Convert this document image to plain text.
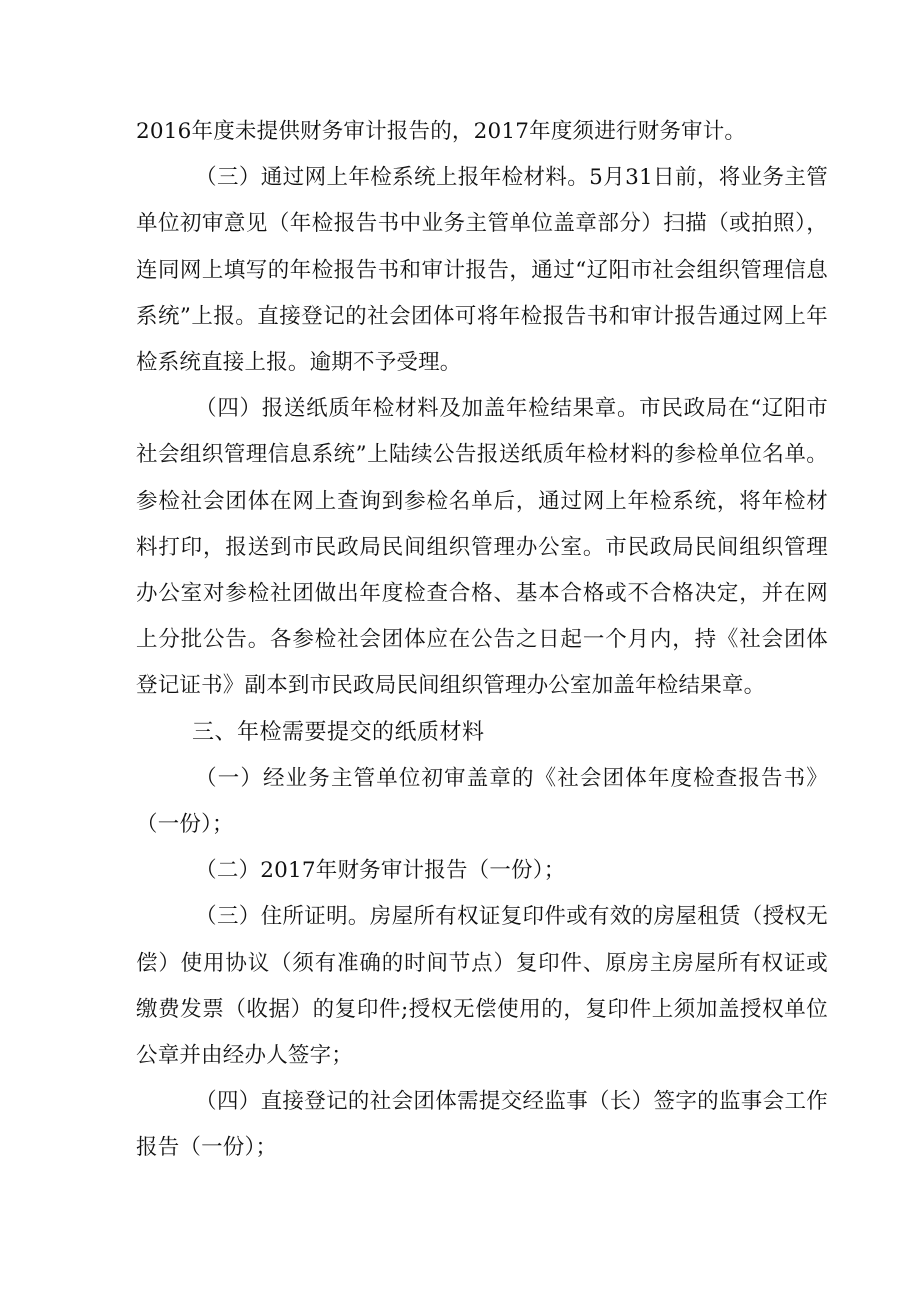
2016年度未提供财务审计报告的，2017年度须进行财务审计。

（三）通过网上年检系统上报年检材料。5月31日前，将业务主管单位初审意见（年检报告书中业务主管单位盖章部分）扫描（或拍照），连同网上填写的年检报告书和审计报告，通过“辽阳市社会组织管理信息系统”上报。直接登记的社会团体可将年检报告书和审计报告通过网上年检系统直接上报。逾期不予受理。

（四）报送纸质年检材料及加盖年检结果章。市民政局在“辽阳市社会组织管理信息系统”上陆续公告报送纸质年检材料的参检单位名单。参检社会团体在网上查询到参检名单后，通过网上年检系统，将年检材料打印，报送到市民政局民间组织管理办公室。市民政局民间组织管理办公室对参检社团做出年度检查合格、基本合格或不合格决定，并在网上分批公告。各参检社会团体应在公告之日起一个月内，持《社会团体登记证书》副本到市民政局民间组织管理办公室加盖年检结果章。

三、年检需要提交的纸质材料

（一）经业务主管单位初审盖章的《社会团体年度检查报告书》（一份）；

（二）2017年财务审计报告（一份）；

（三）住所证明。房屋所有权证复印件或有效的房屋租赁（授权无偿）使用协议（须有准确的时间节点）复印件、原房主房屋所有权证或缴费发票（收据）的复印件;授权无偿使用的，复印件上须加盖授权单位公章并由经办人签字；

（四）直接登记的社会团体需提交经监事（长）签字的监事会工作报告（一份）；
